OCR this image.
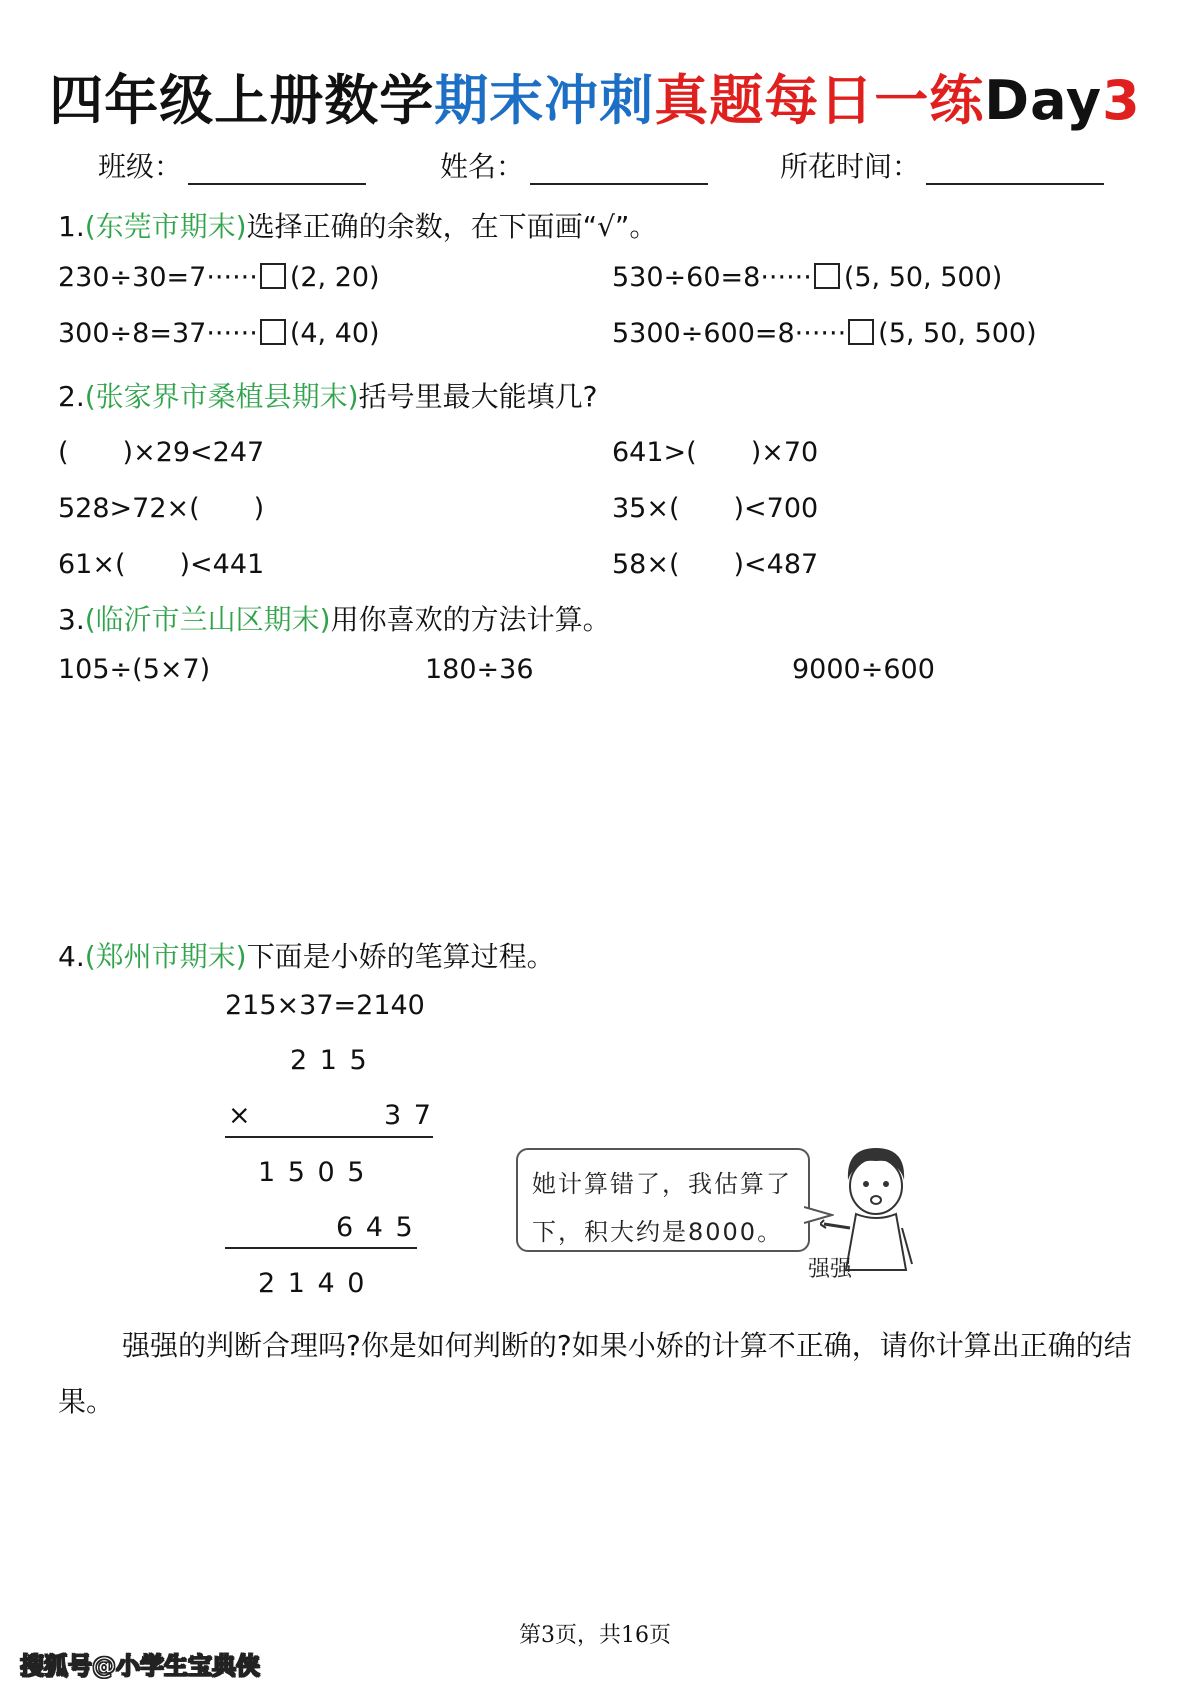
四年级上册数学期末冲刺真题每日一练Day3
班级：	姓名：	所花时间：
1.(东莞市期末)选择正确的余数，在下面画“√”。
230÷30=7······ (2, 20)	530÷60=8······ (5, 50, 500)
300÷8=37······ (4, 40)	5300÷600=8······ (5, 50, 500)
2.(张家界市桑植县期末)括号里最大能填几?
(　　)×29<247	641>(　　)×70
528>72×(　　)	35×(　　)<700
61×(　　)<441	58×(　　)<487
3.(临沂市兰山区期末)用你喜欢的方法计算。
105÷(5×7)	180÷36	9000÷600
4.(郑州市期末)下面是小娇的笔算过程。
215×37=2140
2 1 5
×	3 7
1 5 0 5
6 4 5
2 1 4 0
她计算错了，我估算了下，积大约是8000。
强强
强强的判断合理吗?你是如何判断的?如果小娇的计算不正确，请你计算出正确的结果。
第3页，共16页
搜狐号@小学生宝典侠
